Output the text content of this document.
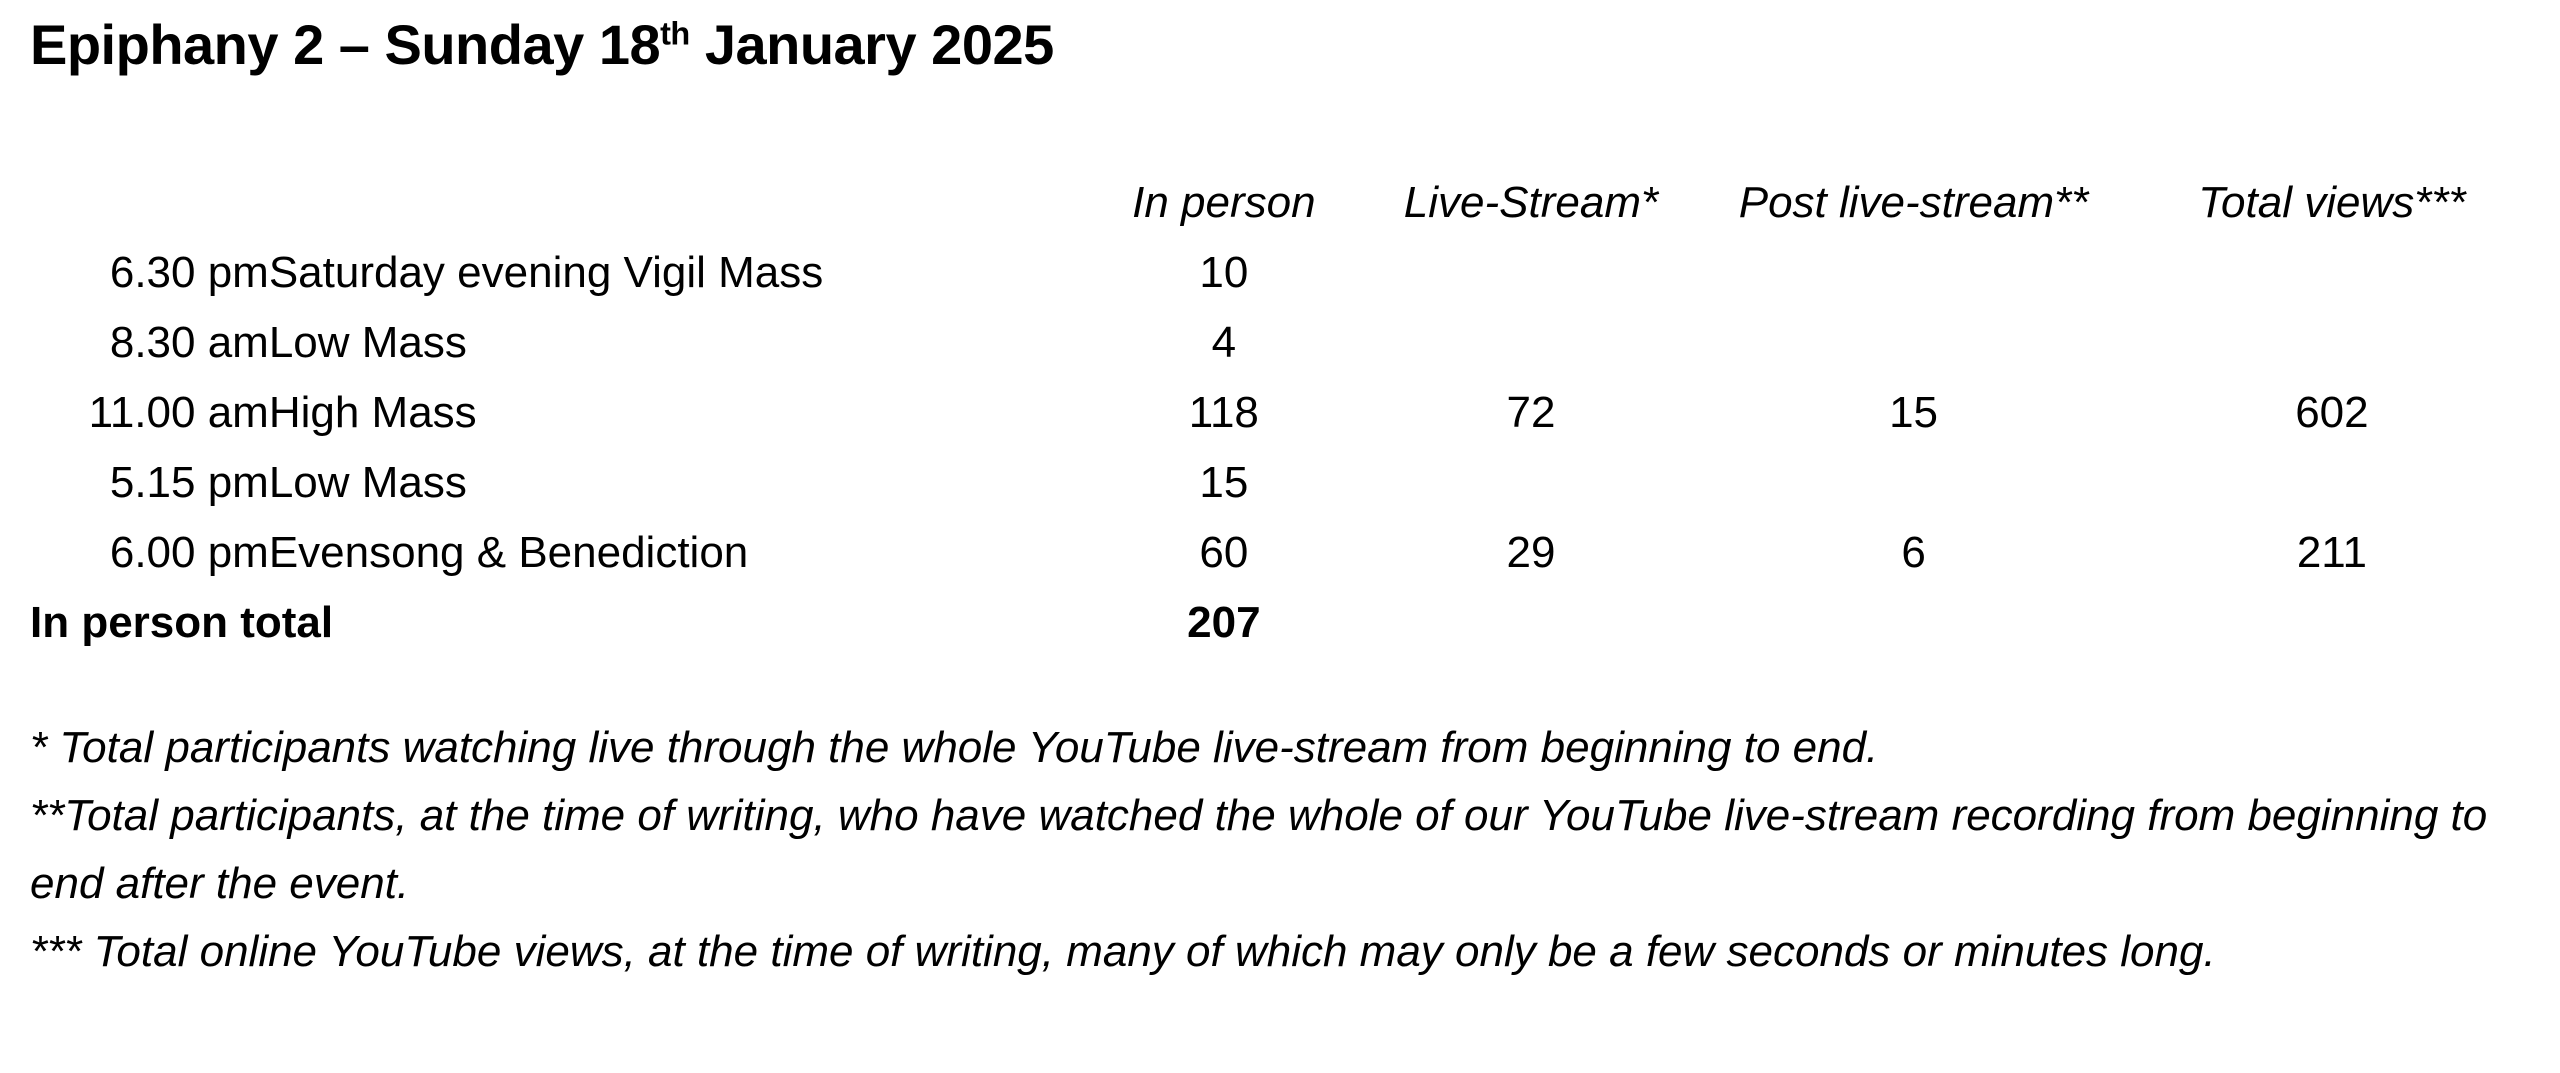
Epiphany 2 – Sunday 18th January 2025
		In person	Live-Stream*	Post live-stream**	Total views***
6.30 pm	Saturday evening Vigil Mass	10			
8.30 am	Low Mass	4			
11.00 am	High Mass	118	72	15	602
5.15 pm	Low Mass	15			
6.00 pm	Evensong & Benediction	60	29	6	211
In person total		207			

* Total participants watching live through the whole YouTube live-stream from beginning to end.

**Total participants, at the time of writing, who have watched the whole of our YouTube live-stream recording from beginning to end after the event.

*** Total online YouTube views, at the time of writing, many of which may only be a few seconds or minutes long.
